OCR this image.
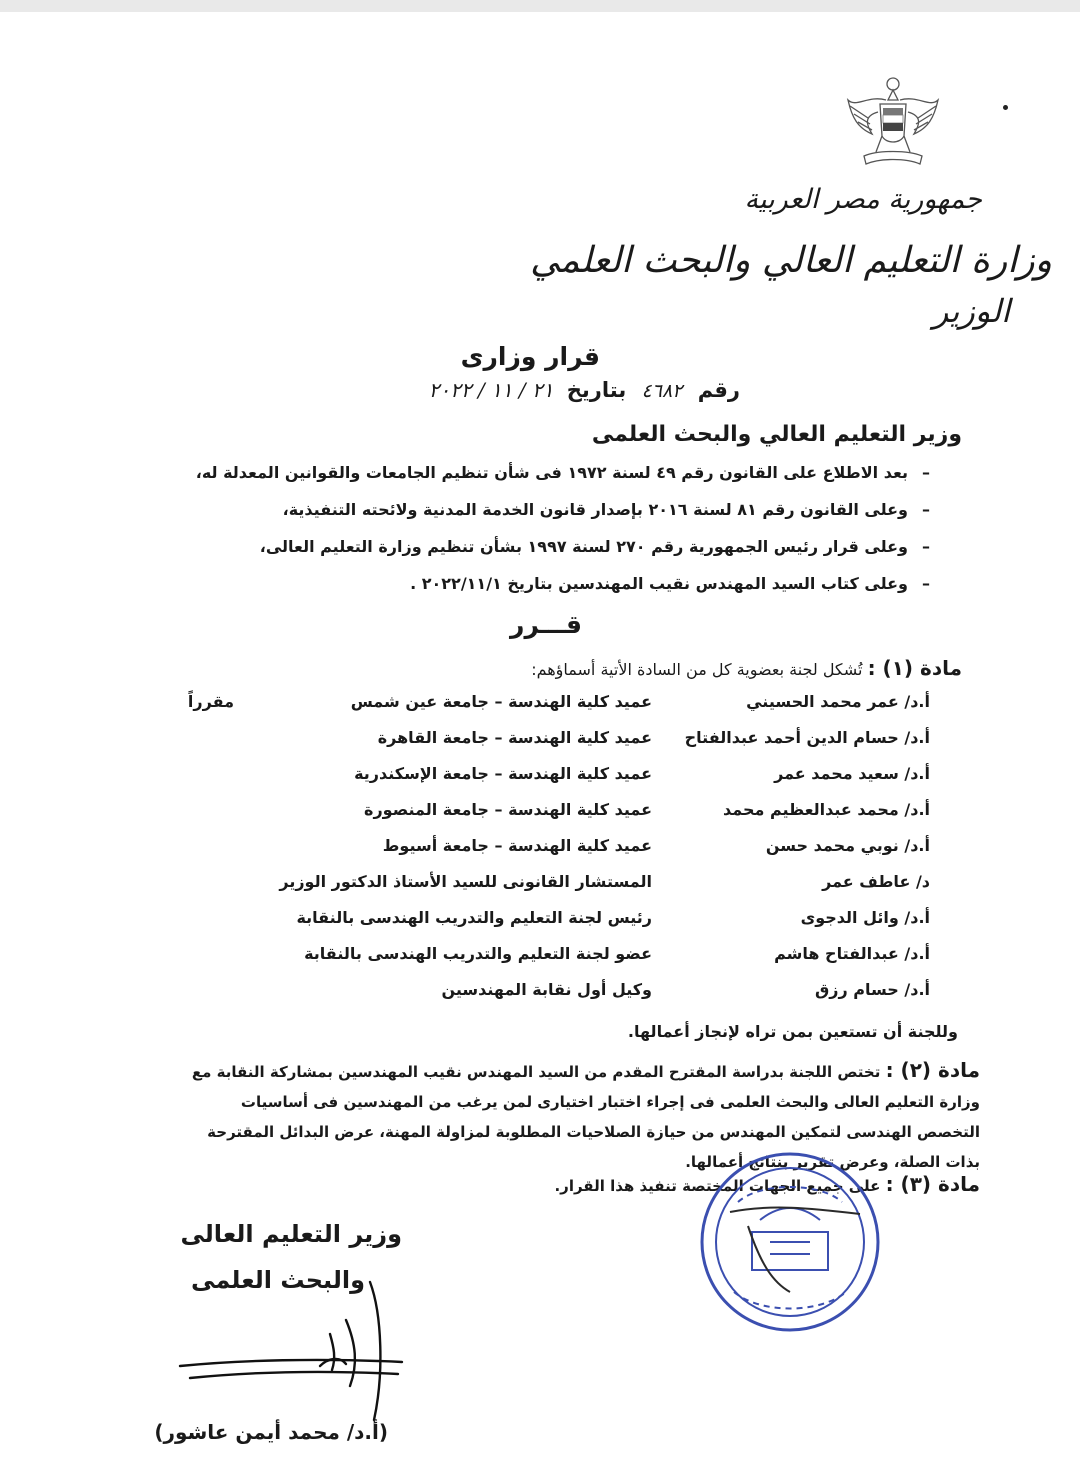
جمهورية مصر العربية
وزارة التعليم العالي والبحث العلمي
الوزير
قرار وزارى
رقم ٤٦٨٢ بتاريخ ٢١ / ١١ / ٢٠٢٢
وزير التعليم العالي والبحث العلمى
– بعد الاطلاع على القانون رقم ٤٩ لسنة ١٩٧٢ فى شأن تنظيم الجامعات والقوانين المعدلة له،
– وعلى القانون رقم ٨١ لسنة ٢٠١٦ بإصدار قانون الخدمة المدنية ولائحته التنفيذية،
– وعلى قرار رئيس الجمهورية رقم ٢٧٠ لسنة ١٩٩٧ بشأن تنظيم وزارة التعليم العالى،
– وعلى كتاب السيد المهندس نقيب المهندسين بتاريخ ٢٠٢٢/١١/١ .
قـــرر
مادة (١) : تُشكل لجنة بعضوية كل من السادة الأتية أسماؤهم:
أ.د/ عمر محمد الحسيني
عميد كلية الهندسة – جامعة عين شمس
مقرراً
أ.د/ حسام الدين أحمد عبدالفتاح
عميد كلية الهندسة – جامعة القاهرة
أ.د/ سعيد محمد عمر
عميد كلية الهندسة – جامعة الإسكندرية
أ.د/ محمد عبدالعظيم محمد
عميد كلية الهندسة – جامعة المنصورة
أ.د/ نوبي محمد حسن
عميد كلية الهندسة – جامعة أسيوط
د/ عاطف عمر
المستشار القانونى للسيد الأستاذ الدكتور الوزير
أ.د/ وائل الدجوى
رئيس لجنة التعليم والتدريب الهندسى بالنقابة
أ.د/ عبدالفتاح هاشم
عضو لجنة التعليم والتدريب الهندسى بالنقابة
أ.د/ حسام رزق
وكيل أول نقابة المهندسين
وللجنة أن تستعين بمن تراه لإنجاز أعمالها.
مادة (٢) : تختص اللجنة بدراسة المقترح المقدم من السيد المهندس نقيب المهندسين بمشاركة النقابة مع وزارة التعليم العالى والبحث العلمى فى إجراء اختبار اختيارى لمن يرغب من المهندسين فى أساسيات التخصص الهندسى لتمكين المهندس من حيازة الصلاحيات المطلوبة لمزاولة المهنة، عرض البدائل المقترحة بذات الصلة، وعرض تقرير بنتائج أعمالها.
مادة (٣) : على جميع الجهات المختصة تنفيذ هذا القرار.
وزير التعليم العالى
والبحث العلمى
(أ.د/ محمد أيمن عاشور)
